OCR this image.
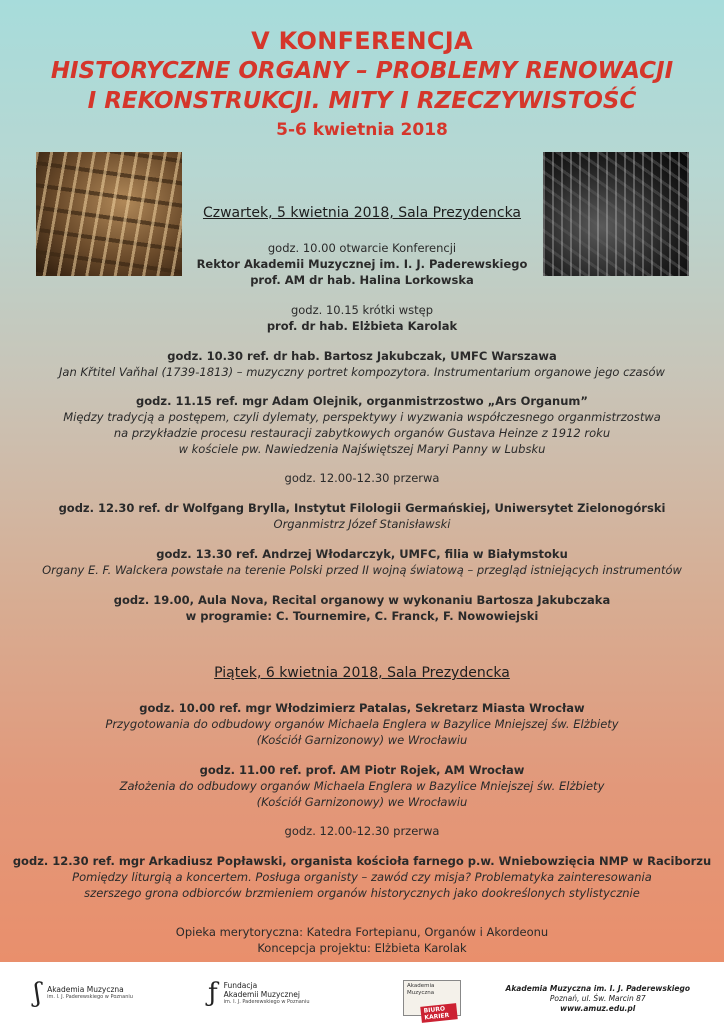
V KONFERENCJA
HISTORYCZNE ORGANY – PROBLEMY RENOWACJI
I REKONSTRUKCJI. MITY I RZECZYWISTOŚĆ
5-6 kwietnia 2018
Czwartek, 5 kwietnia 2018, Sala Prezydencka
godz. 10.00 otwarcie Konferencji
Rektor Akademii Muzycznej im. I. J. Paderewskiego
prof. AM dr hab. Halina Lorkowska
godz. 10.15 krótki wstęp
prof. dr hab. Elżbieta Karolak
godz. 10.30 ref. dr hab. Bartosz Jakubczak, UMFC Warszawa
Jan Křtitel Vaňhal (1739-1813) – muzyczny portret kompozytora. Instrumentarium organowe jego czasów
godz. 11.15 ref. mgr Adam Olejnik, organmistrzostwo „Ars Organum”
Między tradycją a postępem, czyli dylematy, perspektywy i wyzwania współczesnego organmistrzostwa
na przykładzie procesu restauracji zabytkowych organów Gustava Heinze z 1912 roku
w kościele pw. Nawiedzenia Najświętszej Maryi Panny w Lubsku
godz. 12.00-12.30 przerwa
godz. 12.30 ref. dr Wolfgang Brylla, Instytut Filologii Germańskiej, Uniwersytet Zielonogórski
Organmistrz Józef Stanisławski
godz. 13.30 ref. Andrzej Włodarczyk, UMFC, filia w Białymstoku
Organy E. F. Walckera powstałe na terenie Polski przed II wojną światową – przegląd istniejących instrumentów
godz. 19.00, Aula Nova, Recital organowy w wykonaniu Bartosza Jakubczaka
w programie: C. Tournemire, C. Franck, F. Nowowiejski
Piątek, 6 kwietnia 2018, Sala Prezydencka
godz. 10.00 ref. mgr Włodzimierz Patalas, Sekretarz Miasta Wrocław
Przygotowania do odbudowy organów Michaela Englera w Bazylice Mniejszej św. Elżbiety
(Kościół Garnizonowy) we Wrocławiu
godz. 11.00 ref. prof. AM Piotr Rojek, AM Wrocław
Założenia do odbudowy organów Michaela Englera w Bazylice Mniejszej św. Elżbiety
(Kościół Garnizonowy) we Wrocławiu
godz. 12.00-12.30 przerwa
godz. 12.30 ref. mgr Arkadiusz Popławski, organista kościoła farnego p.w. Wniebowzięcia NMP w Raciborzu
Pomiędzy liturgią a koncertem. Posługa organisty – zawód czy misja? Problematyka zainteresowania
szerszego grona odbiorców brzmieniem organów historycznych jako dookreślonych stylistycznie
Opieka merytoryczna: Katedra Fortepianu, Organów i Akordeonu
Koncepcja projektu: Elżbieta Karolak
ʃ Akademia Muzyczna
im. I. J. Paderewskiego w Poznaniu	ƒ Fundacja
Akademii Muzycznej
im. I. J. Paderewskiego w Poznaniu
Akademia Muzyczna
BIURO KARIER
Akademia Muzyczna im. I. J. Paderewskiego
Poznań, ul. Św. Marcin 87
www.amuz.edu.pl
